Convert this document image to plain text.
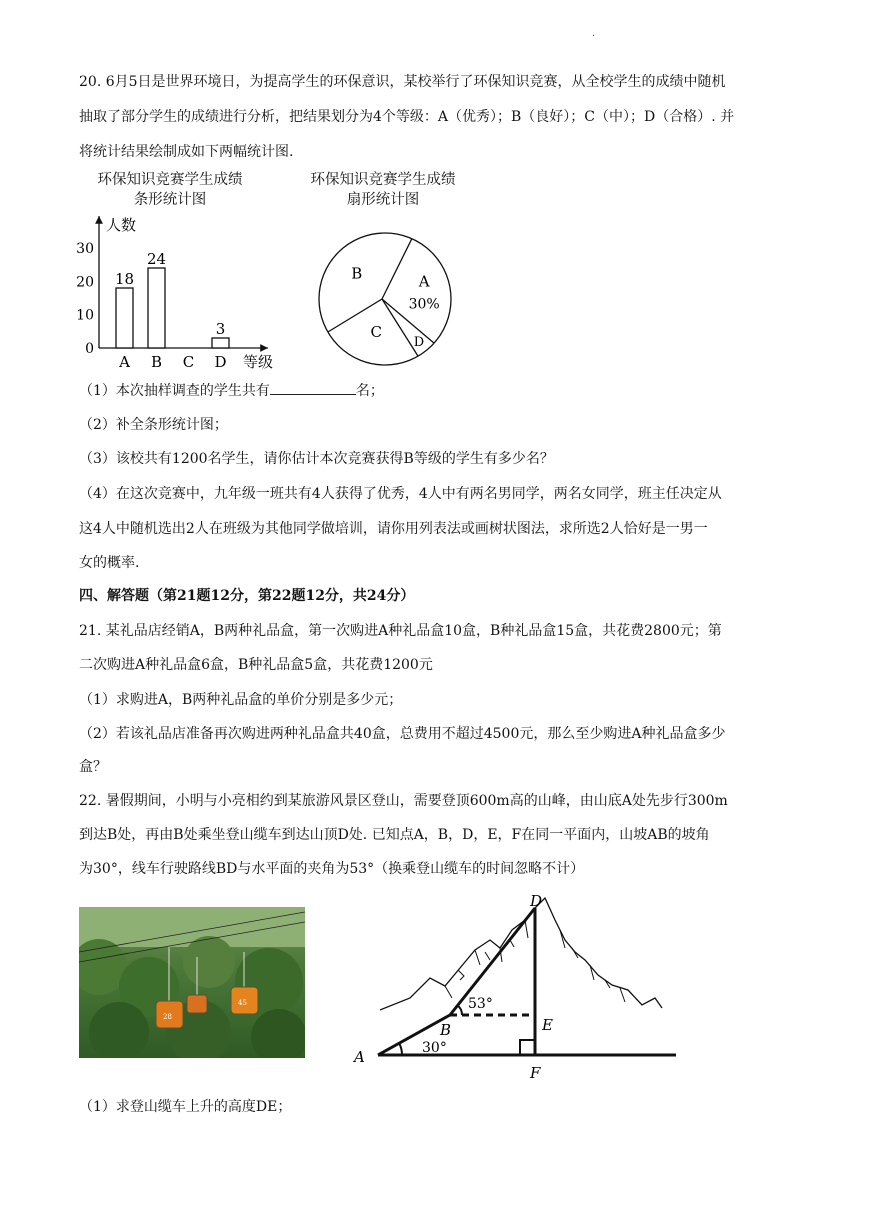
.
20. 6月5日是世界环境日，为提高学生的环保意识，某校举行了环保知识竞赛，从全校学生的成绩中随机
抽取了部分学生的成绩进行分析，把结果划分为4个等级：A（优秀）；B（良好）；C（中）；D（合格）. 并
将统计结果绘制成如下两幅统计图.
环保知识竞赛学生成绩
条形统计图
环保知识竞赛学生成绩
扇形统计图
人数
等级
0
10
20
30
18
24
3
A B C D
A
30%
B
C
D
（1）本次抽样调查的学生共有	名；
（2）补全条形统计图；
（3）该校共有1200名学生，请你估计本次竞赛获得B等级的学生有多少名？
（4）在这次竞赛中，九年级一班共有4人获得了优秀，4人中有两名男同学，两名女同学，班主任决定从
这4人中随机选出2人在班级为其他同学做培训，请你用列表法或画树状图法，求所选2人恰好是一男一
女的概率.
四、解答题（第21题12分，第22题12分，共24分）
21. 某礼品店经销A，B两种礼品盒，第一次购进A种礼品盒10盒，B种礼品盒15盒，共花费2800元；第
二次购进A种礼品盒6盒，B种礼品盒5盒，共花费1200元
（1）求购进A，B两种礼品盒的单价分别是多少元；
（2）若该礼品店准备再次购进两种礼品盒共40盒，总费用不超过4500元，那么至少购进A种礼品盒多少
盒？
22. 暑假期间，小明与小亮相约到某旅游风景区登山，需要登顶600m高的山峰，由山底A处先步行300m
到达B处，再由B处乘坐登山缆车到达山顶D处. 已知点A，B，D，E，F在同一平面内，山坡AB的坡角
为30°，线车行驶路线BD与水平面的夹角为53°（换乘登山缆车的时间忽略不计）
28
45
D
A
B	E
F
30°
53°
（1）求登山缆车上升的高度DE；
